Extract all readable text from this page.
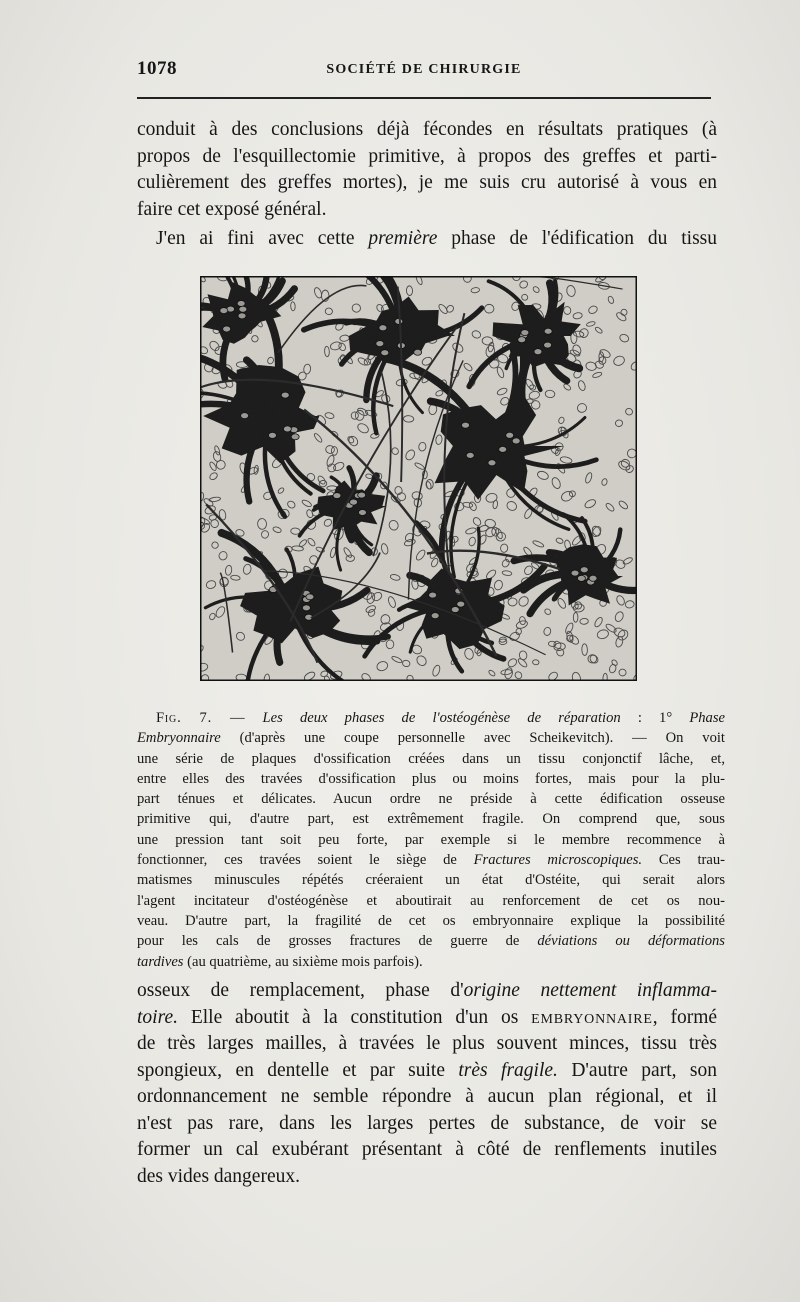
1078	SOCIÉTÉ DE CHIRURGIE
conduit à des conclusions déjà fécondes en résultats pratiques (à
propos de l'esquillectomie primitive, à propos des greffes et parti-
culièrement des greffes mortes), je me suis cru autorisé à vous en
faire cet exposé général.
J'en ai fini avec cette première phase de l'édification du tissu
Fig. 7. — Les deux phases de l'ostéogénèse de réparation : 1° Phase
Embryonnaire (d'après une coupe personnelle avec Scheikevitch). — On voit
une série de plaques d'ossification créées dans un tissu conjonctif lâche, et,
entre elles des travées d'ossification plus ou moins fortes, mais pour la plu-
part ténues et délicates. Aucun ordre ne préside à cette édification osseuse
primitive qui, d'autre part, est extrêmement fragile. On comprend que, sous
une pression tant soit peu forte, par exemple si le membre recommence à
fonctionner, ces travées soient le siège de Fractures microscopiques. Ces trau-
matismes minuscules répétés créeraient un état d'Ostéite, qui serait alors
l'agent incitateur d'ostéogénèse et aboutirait au renforcement de cet os nou-
veau. D'autre part, la fragilité de cet os embryonnaire explique la possibilité
pour les cals de grosses fractures de guerre de déviations ou déformations
tardives (au quatrième, au sixième mois parfois).
osseux de remplacement, phase d'origine nettement inflamma-
toire. Elle aboutit à la constitution d'un os embryonnaire, formé
de très larges mailles, à travées le plus souvent minces, tissu très
spongieux, en dentelle et par suite très fragile. D'autre part, son
ordonnancement ne semble répondre à aucun plan régional, et il
n'est pas rare, dans les larges pertes de substance, de voir se
former un cal exubérant présentant à côté de renflements inutiles
des vides dangereux.
